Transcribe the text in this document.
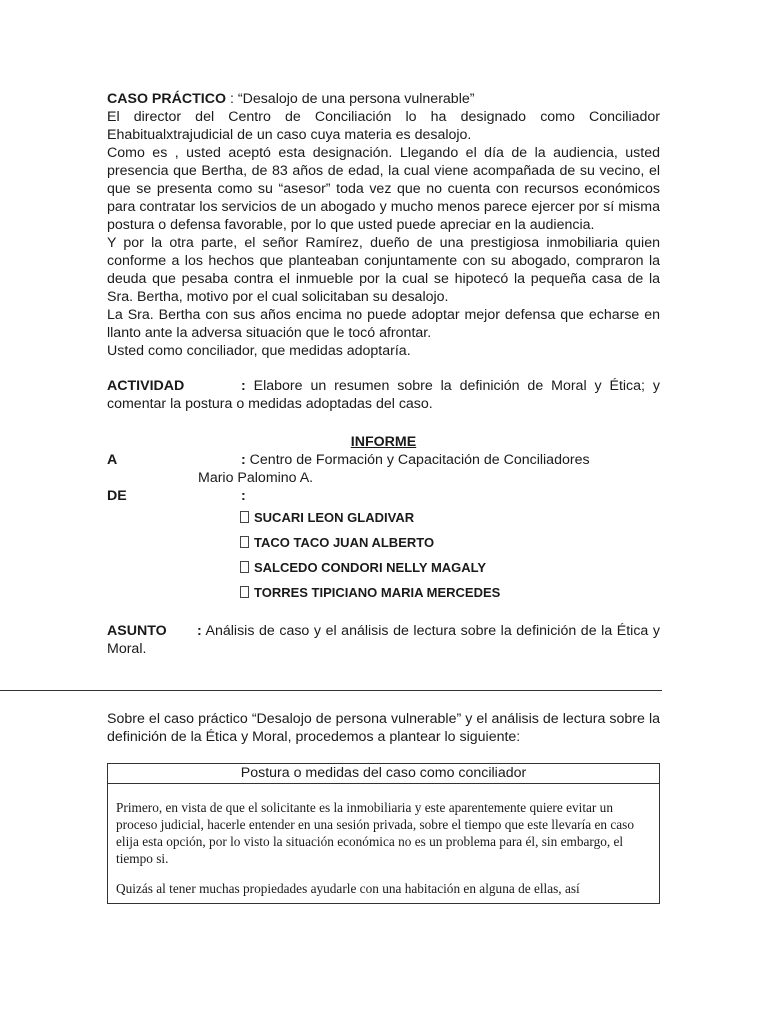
CASO PRÁCTICO : “Desalojo de una persona vulnerable”

El director del Centro de Conciliación lo ha designado como Conciliador Ehabitualxtrajudicial de un caso cuya materia es desalojo.

Como es , usted aceptó esta designación. Llegando el día de la audiencia, usted presencia que Bertha, de 83 años de edad, la cual viene acompañada de su vecino, el que se presenta como su “asesor” toda vez que no cuenta con recursos económicos para contratar los servicios de un abogado y mucho menos parece ejercer por sí misma postura o defensa favorable, por lo que usted puede apreciar en la audiencia.

Y por la otra parte, el señor Ramírez, dueño de una prestigiosa inmobiliaria quien conforme a los hechos que planteaban conjuntamente con su abogado, compraron la deuda que pesaba contra el inmueble por la cual se hipotecó la pequeña casa de la Sra. Bertha, motivo por el cual solicitaban su desalojo.

La Sra. Bertha con sus años encima no puede adoptar mejor defensa que echarse en llanto ante la adversa situación que le tocó afrontar.

Usted como conciliador, que medidas adoptaría.

ACTIVIDAD	: Elabore un resumen sobre la definición de Moral y Ética; y comentar la postura o medidas adoptadas del caso.

INFORME
A	: Centro de Formación y Capacitación de Conciliadores
Mario Palomino A.
DE	:
SUCARI LEON GLADIVAR
TACO TACO JUAN ALBERTO
SALCEDO CONDORI NELLY MAGALY
TORRES TIPICIANO MARIA MERCEDES

ASUNTO : Análisis de caso y el análisis de lectura sobre la definición de la Ética y Moral.

Sobre el caso práctico “Desalojo de persona vulnerable” y el análisis de lectura sobre la definición de la Ética y Moral, procedemos a plantear lo siguiente:

Postura o medidas del caso como conciliador

Primero, en vista de que el solicitante es la inmobiliaria y este aparentemente quiere evitar un proceso judicial, hacerle entender en una sesión privada, sobre el tiempo que este llevaría en caso elija esta opción, por lo visto la situación económica no es un problema para él, sin embargo, el tiempo si.

Quizás al tener muchas propiedades ayudarle con una habitación en alguna de ellas, así
